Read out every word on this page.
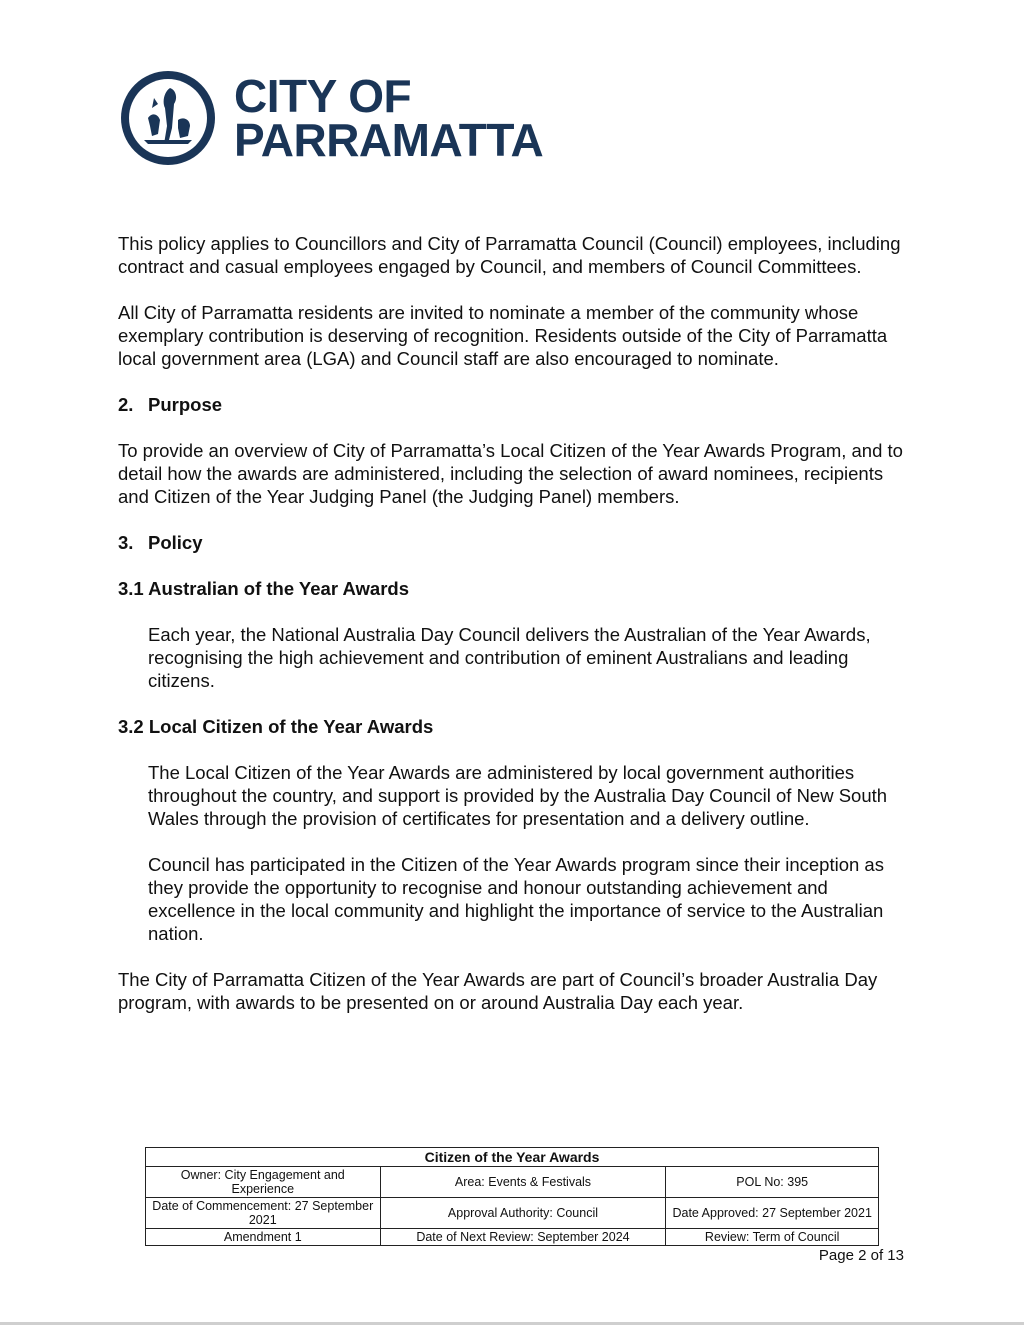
CITY OF
PARRAMATTA

This policy applies to Councillors and City of Parramatta Council (Council) employees, including contract and casual employees engaged by Council, and members of Council Committees.

All City of Parramatta residents are invited to nominate a member of the community whose exemplary contribution is deserving of recognition. Residents outside of the City of Parramatta local government area (LGA) and Council staff are also encouraged to nominate.

2. Purpose

To provide an overview of City of Parramatta’s Local Citizen of the Year Awards Program, and to detail how the awards are administered, including the selection of award nominees, recipients and Citizen of the Year Judging Panel (the Judging Panel) members.

3. Policy
3.1 Australian of the Year Awards

Each year, the National Australia Day Council delivers the Australian of the Year Awards, recognising the high achievement and contribution of eminent Australians and leading citizens.

3.2 Local Citizen of the Year Awards

The Local Citizen of the Year Awards are administered by local government authorities throughout the country, and support is provided by the Australia Day Council of New South Wales through the provision of certificates for presentation and a delivery outline.

Council has participated in the Citizen of the Year Awards program since their inception as they provide the opportunity to recognise and honour outstanding achievement and excellence in the local community and highlight the importance of service to the Australian nation.

The City of Parramatta Citizen of the Year Awards are part of Council’s broader Australia Day program, with awards to be presented on or around Australia Day each year.

Citizen of the Year Awards		
Owner: City Engagement and Experience	Area: Events & Festivals	POL No: 395
Date of Commencement: 27 September 2021	Approval Authority: Council	Date Approved: 27 September 2021
Amendment 1	Date of Next Review: September 2024	Review: Term of Council
Page 2 of 13
